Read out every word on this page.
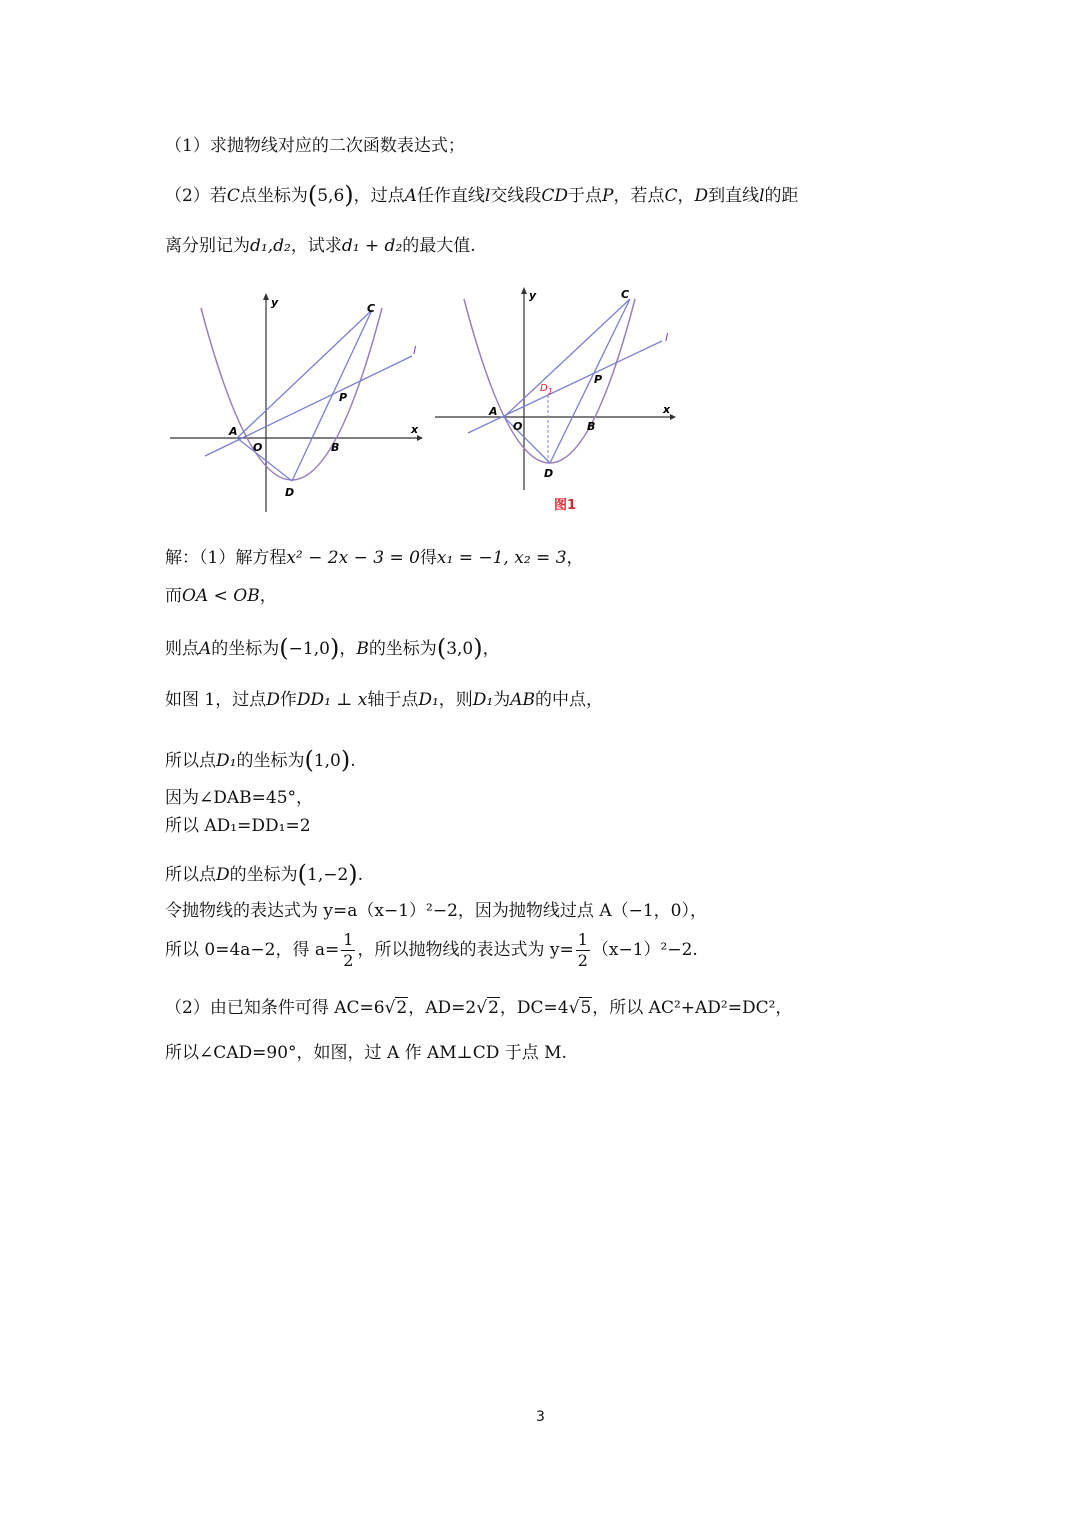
（1）求抛物线对应的二次函数表达式；
（2）若C点坐标为(5,6)，过点A任作直线l交线段CD于点P，若点C，D到直线l的距
离分别记为d₁,d₂，试求d₁ + d₂的最大值.
y
x
C
l
P
A
O	B
D
y
x
C
l
P
$D_1$
A
O	B
D
图1
解：（1）解方程x² − 2x − 3 = 0得x₁ = −1, x₂ = 3，
而OA < OB，
则点A的坐标为(−1,0)，B的坐标为(3,0)，
如图 1，过点D作DD₁ ⊥ x轴于点D₁，则D₁为AB的中点，
所以点D₁的坐标为(1,0).
因为∠DAB=45°，
所以 AD₁=DD₁=2
所以点D的坐标为(1,−2).
令抛物线的表达式为 y=a（x−1）²−2，因为抛物线过点 A（−1，0），
所以 0=4a−2，得 $a= \frac{1}{2}$ ，所以抛物线的表达式为 $y= \frac{1}{2} (x-1)^2-2$.
（2）由已知条件可得 AC=6√2，AD=2√2，DC=4√5，所以 AC²+AD²=DC²，
所以∠CAD=90°，如图，过 A 作 AM⊥CD 于点 M.
3
